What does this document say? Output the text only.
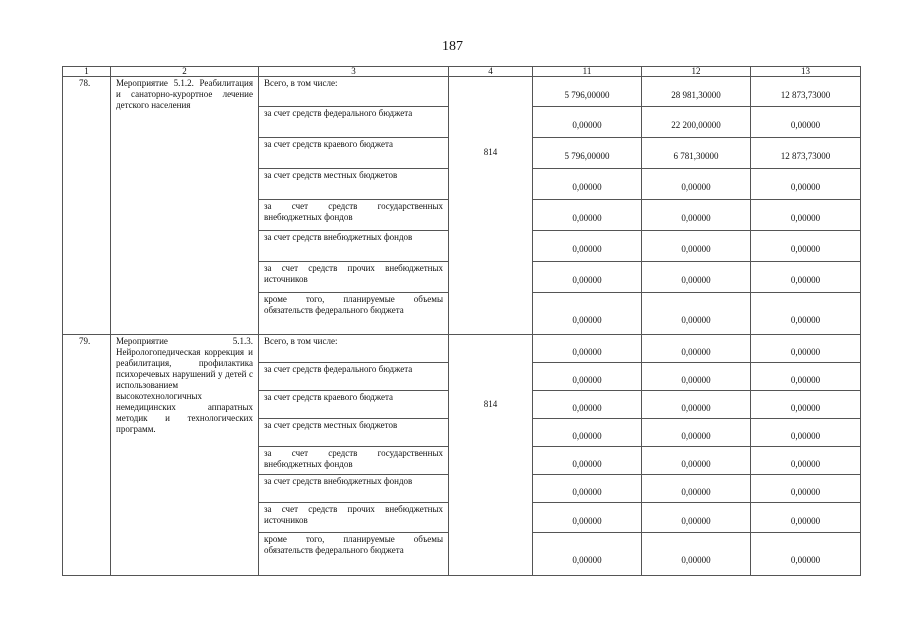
187
1	2	3	4	11	12	13
78.	Мероприятие 5.1.2. Реабилитация и санаторно-курортное лечение детского населения	Всего, в том числе:	814	5 796,00000	28 981,30000	12 873,73000
		за счет средств федерального бюджета		0,00000	22 200,00000	0,00000
		за счет средств краевого бюджета		5 796,00000	6 781,30000	12 873,73000
		за счет средств местных бюджетов		0,00000	0,00000	0,00000
		за счет средств государственных внебюджетных фондов		0,00000	0,00000	0,00000
		за счет средств внебюджетных фондов		0,00000	0,00000	0,00000
		за счет средств прочих внебюджетных источников		0,00000	0,00000	0,00000
		кроме того, планируемые объемы обязательств федерального бюджета		0,00000	0,00000	0,00000
79.	Мероприятие 5.1.3. Нейрологопедическая коррекция и реабилитация, профилактика психоречевых нарушений у детей с использованием высокотехнологичных немедицинских аппаратных методик и технологических программ.	Всего, в том числе:	814	0,00000	0,00000	0,00000
		за счет средств федерального бюджета		0,00000	0,00000	0,00000
		за счет средств краевого бюджета		0,00000	0,00000	0,00000
		за счет средств местных бюджетов		0,00000	0,00000	0,00000
		за счет средств государственных внебюджетных фондов		0,00000	0,00000	0,00000
		за счет средств внебюджетных фондов		0,00000	0,00000	0,00000
		за счет средств прочих внебюджетных источников		0,00000	0,00000	0,00000
		кроме того, планируемые объемы обязательств федерального бюджета		0,00000	0,00000	0,00000
